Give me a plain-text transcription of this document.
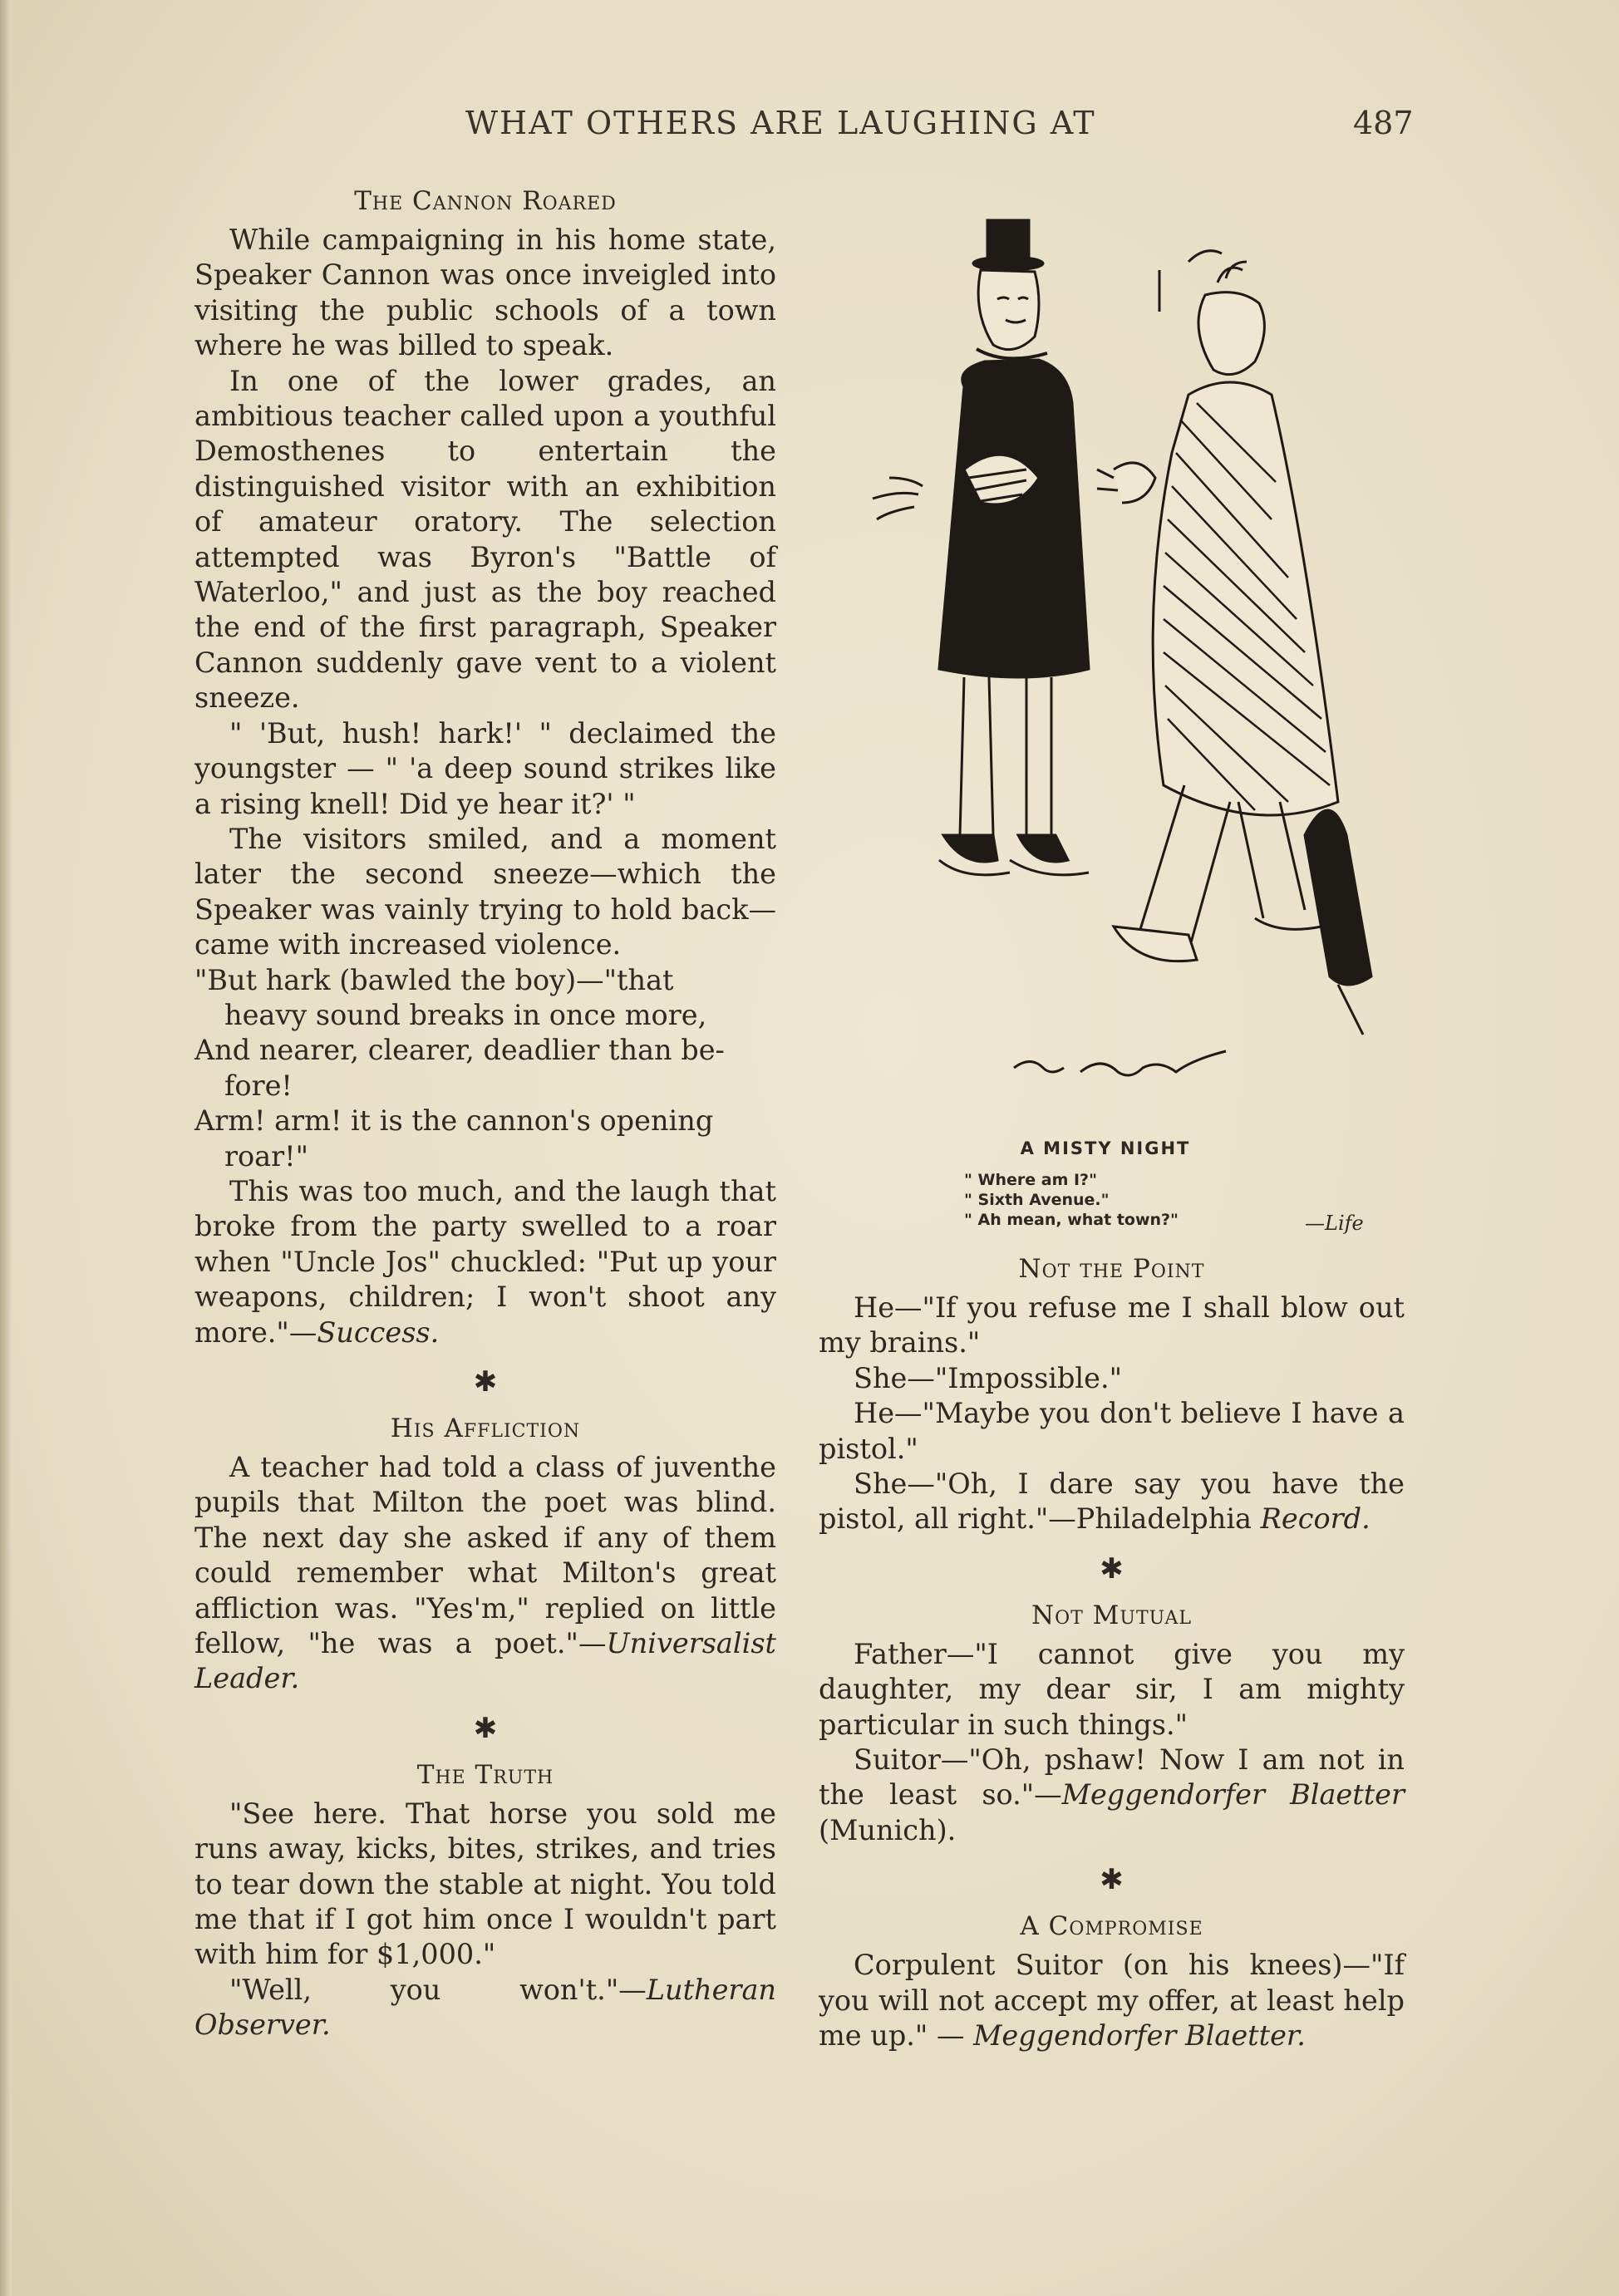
WHAT OTHERS ARE LAUGHING AT	487
The Cannon Roared

While campaigning in his home state, Speaker Cannon was once inveigled into visiting the public schools of a town where he was billed to speak.

In one of the lower grades, an ambitious teacher called upon a youthful Demosthenes to entertain the distinguished visitor with an exhibition of amateur oratory. The selection attempted was Byron's "Battle of Waterloo," and just as the boy reached the end of the first paragraph, Speaker Cannon suddenly gave vent to a violent sneeze.

" 'But, hush! hark!' " declaimed the youngster — " 'a deep sound strikes like a rising knell! Did ye hear it?' "

The visitors smiled, and a moment later the second sneeze—which the Speaker was vainly trying to hold back—came with increased violence.

"But hark (bawled the boy)—"that
heavy sound breaks in once more,
And nearer, clearer, deadlier than be-
fore!
Arm! arm! it is the cannon's opening
roar!"

This was too much, and the laugh that broke from the party swelled to a roar when "Uncle Jos" chuckled: "Put up your weapons, children; I won't shoot any more."—Success.

✱
His Affliction

A teacher had told a class of juventhe pupils that Milton the poet was blind. The next day she asked if any of them could remember what Milton's great affliction was. "Yes'm," replied on little fellow, "he was a poet."—Universalist Leader.

✱
The Truth

"See here. That horse you sold me runs away, kicks, bites, strikes, and tries to tear down the stable at night. You told me that if I got him once I wouldn't part with him for $1,000."

"Well, you won't."—Lutheran Observer.

A MISTY NIGHT
" Where am I?"
" Sixth Avenue."
" Ah mean, what town?"	—Life
Not the Point

He—"If you refuse me I shall blow out my brains."

She—"Impossible."

He—"Maybe you don't believe I have a pistol."

She—"Oh, I dare say you have the pistol, all right."—Philadelphia Record.

✱
Not Mutual

Father—"I cannot give you my daughter, my dear sir, I am mighty particular in such things."

Suitor—"Oh, pshaw! Now I am not in the least so."—Meggendorfer Blaetter (Munich).

✱
A Compromise

Corpulent Suitor (on his knees)—"If you will not accept my offer, at least help me up." — Meggendorfer Blaetter.
